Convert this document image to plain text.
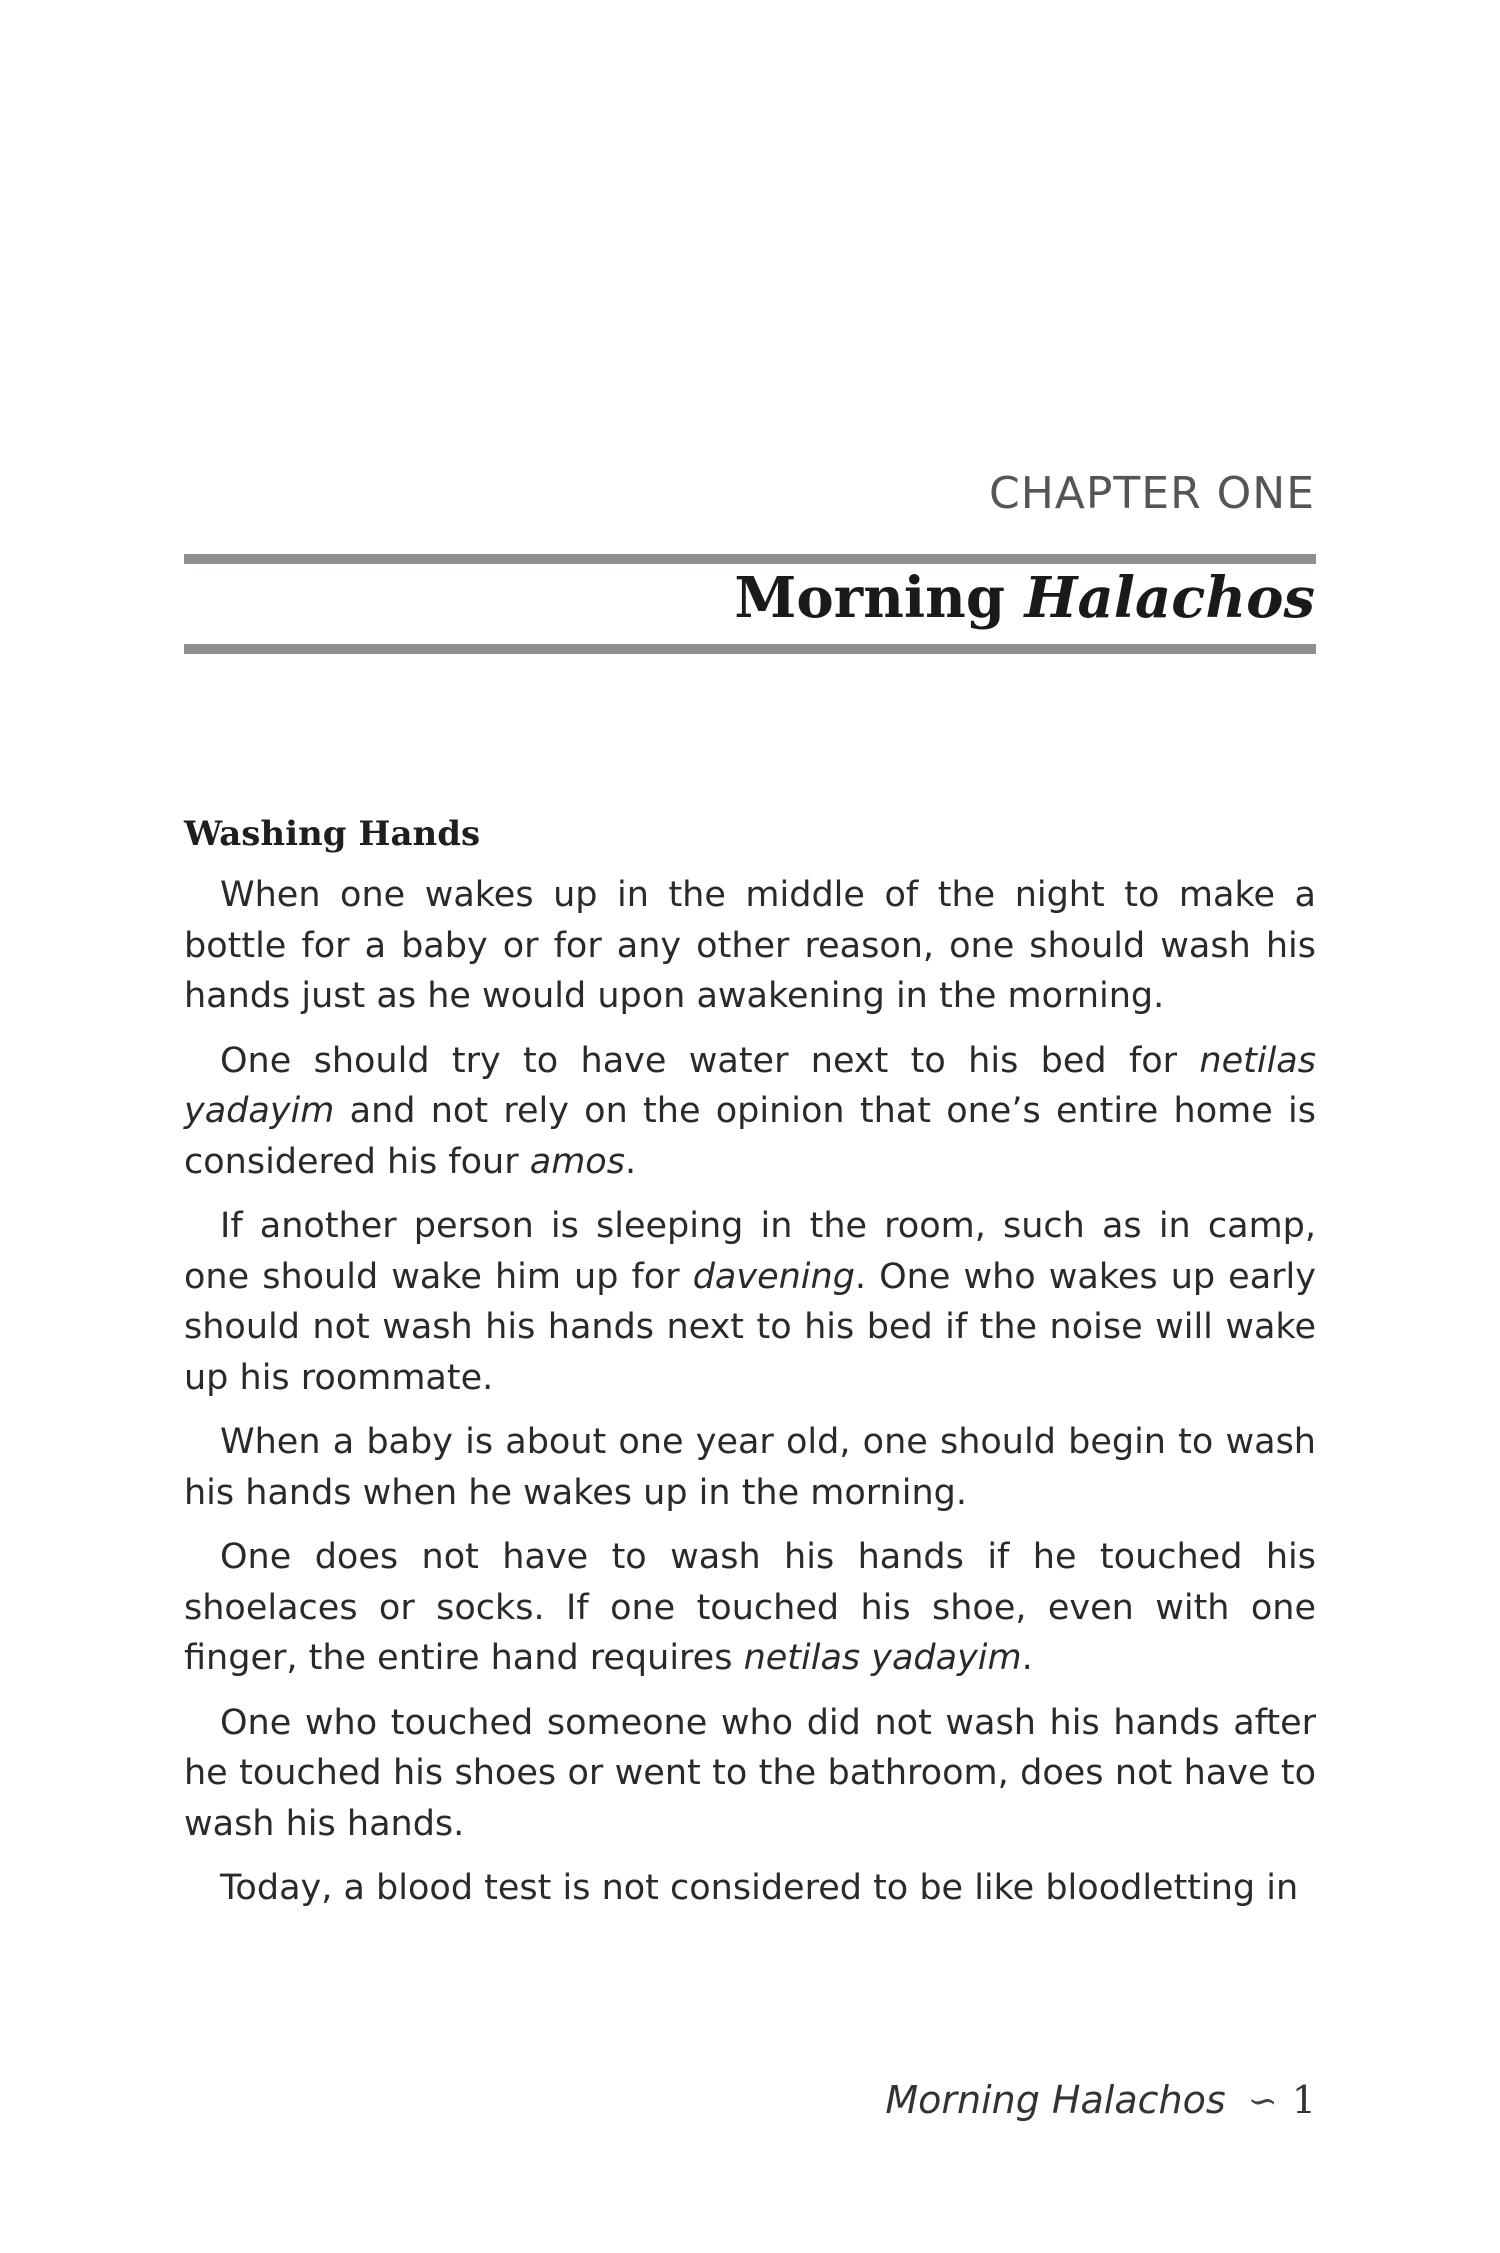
CHAPTER ONE
Morning Halachos
Washing Hands

When one wakes up in the middle of the night to make a bottle for a baby or for any other reason, one should wash his hands just as he would upon awakening in the morning.

One should try to have water next to his bed for netilas yadayim and not rely on the opinion that one’s entire home is considered his four amos.

If another person is sleeping in the room, such as in camp, one should wake him up for davening. One who wakes up early should not wash his hands next to his bed if the noise will wake up his roommate.

When a baby is about one year old, one should begin to wash his hands when he wakes up in the morning.

One does not have to wash his hands if he touched his shoelaces or socks. If one touched his shoe, even with one finger, the entire hand requires netilas yadayim.

One who touched someone who did not wash his hands after he touched his shoes or went to the bathroom, does not have to wash his hands.

Today, a blood test is not considered to be like bloodletting in

Morning Halachos ∽ 1
